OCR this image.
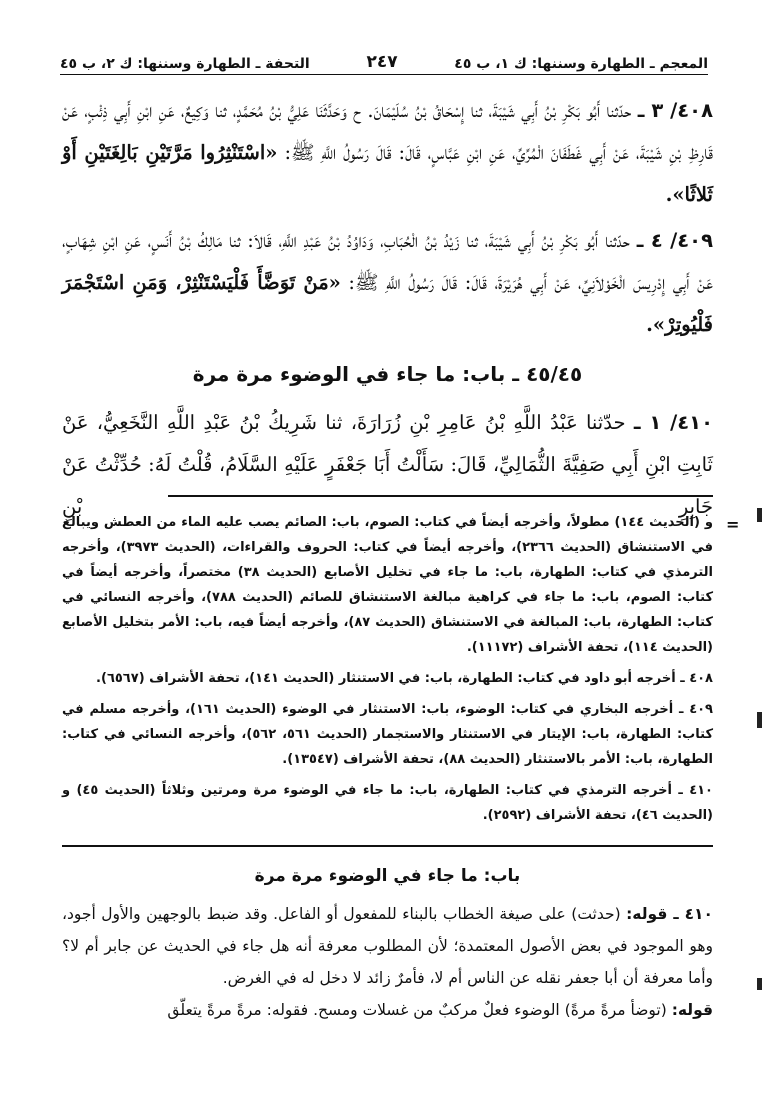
المعجم ـ الطهارة وسننها: ك ١، ب ٤٥
٢٤٧
التحفة ـ الطهارة وسننها: ك ٢، ب ٤٥
٤٠٨/ ٣ ـ حدّثنا أَبُو بَكْرِ بْنُ أَبِي شَيْبَةَ، ثنا إِسْحَاقُ بْنُ سُلَيْمَانَ. ح وَحَدَّثَنَا عَلِيُّ بْنُ مُحَمَّدٍ، ثنا وَكِيعٌ، عَنِ ابْنِ أَبِي ذِئْبٍ، عَنْ قَارِظِ بْنِ شَيْبَةَ، عَنْ أَبِي غَطَفَانَ الْمُرِّيِّ، عَنِ ابْنِ عَبَّاسٍ، قَالَ: قَالَ رَسُولُ اللَّهِ ﷺ: «اسْتَنْثِرُوا مَرَّتَيْنِ بَالِغَتَيْنِ أَوْ ثَلاثًا».
٤٠٩/ ٤ ـ حدّثنا أَبُو بَكْرِ بْنُ أَبِي شَيْبَةَ، ثنا زَيْدُ بْنُ الْحُبَابِ، وَدَاوُدُ بْنُ عَبْدِ اللَّهِ، قَالاَ: ثنا مَالِكُ بْنُ أَنَسٍ، عَنِ ابْنِ شِهَابٍ، عَنْ أَبِي إِدْرِيسَ الْخَوْلاَنِيِّ، عَنْ أَبِي هُرَيْرَةَ، قَالَ: قَالَ رَسُولُ اللَّهِ ﷺ: «مَنْ تَوَضَّأَ فَلْيَسْتَنْثِرْ، وَمَنِ اسْتَجْمَرَ فَلْيُوتِرْ».
٤٥/٤٥ ـ باب: ما جاء في الوضوء مرة مرة
٤١٠/ ١ ـ حدّثنا عَبْدُ اللَّهِ بْنُ عَامِرِ بْنِ زُرَارَةَ، ثنا شَرِيكُ بْنُ عَبْدِ اللَّهِ النَّخَعِيُّ، عَنْ ثَابِتِ ابْنِ أَبِي صَفِيَّةَ الثُّمَالِيِّ، قَالَ: سَأَلْتُ أَبَا جَعْفَرٍ عَلَيْهِ السَّلَامُ، قُلْتُ لَهُ: حُدِّثْتُ عَنْ جَابِرِ بْنِ
=

و (الحديث ١٤٤) مطولاً، وأخرجه أيضاً في كتاب: الصوم، باب: الصائم يصب عليه الماء من العطش ويبالغ في الاستنشاق (الحديث ٢٣٦٦)، وأخرجه أيضاً في كتاب: الحروف والقراءات، (الحديث ٣٩٧٣)، وأخرجه الترمذي في كتاب: الطهارة، باب: ما جاء في تخليل الأصابع (الحديث ٣٨) مختصراً، وأخرجه أيضاً في كتاب: الصوم، باب: ما جاء في كراهية مبالغة الاستنشاق للصائم (الحديث ٧٨٨)، وأخرجه النسائي في كتاب: الطهارة، باب: المبالغة في الاستنشاق (الحديث ٨٧)، وأخرجه أيضاً فيه، باب: الأمر بتخليل الأصابع (الحديث ١١٤)، تحفة الأشراف (١١١٧٢).

٤٠٨ ـ أخرجه أبو داود في كتاب: الطهارة، باب: في الاستنثار (الحديث ١٤١)، تحفة الأشراف (٦٥٦٧).

٤٠٩ ـ أخرجه البخاري في كتاب: الوضوء، باب: الاستنثار في الوضوء (الحديث ١٦١)، وأخرجه مسلم في كتاب: الطهارة، باب: الإيتار في الاستنثار والاستجمار (الحديث ٥٦١، ٥٦٢)، وأخرجه النسائي في كتاب: الطهارة، باب: الأمر بالاستنثار (الحديث ٨٨)، تحفة الأشراف (١٣٥٤٧).

٤١٠ ـ أخرجه الترمذي في كتاب: الطهارة، باب: ما جاء في الوضوء مرة ومرتين وثلاثاً (الحديث ٤٥) و (الحديث ٤٦)، تحفة الأشراف (٢٥٩٢).

باب: ما جاء في الوضوء مرة مرة
٤١٠ ـ قوله: (حدثت) على صيغة الخطاب بالبناء للمفعول أو الفاعل. وقد ضبط بالوجهين والأول أجود، وهو الموجود في بعض الأصول المعتمدة؛ لأن المطلوب معرفة أنه هل جاء في الحديث عن جابر أم لا؟ وأما معرفة أن أبا جعفر نقله عن الناس أم لا، فأمرٌ زائد لا دخل له في الغرض.
قوله: (توضأ مرةً مرةً) الوضوء فعلٌ مركبٌ من غسلات ومسح. فقوله: مرةً مرةً يتعلّق
